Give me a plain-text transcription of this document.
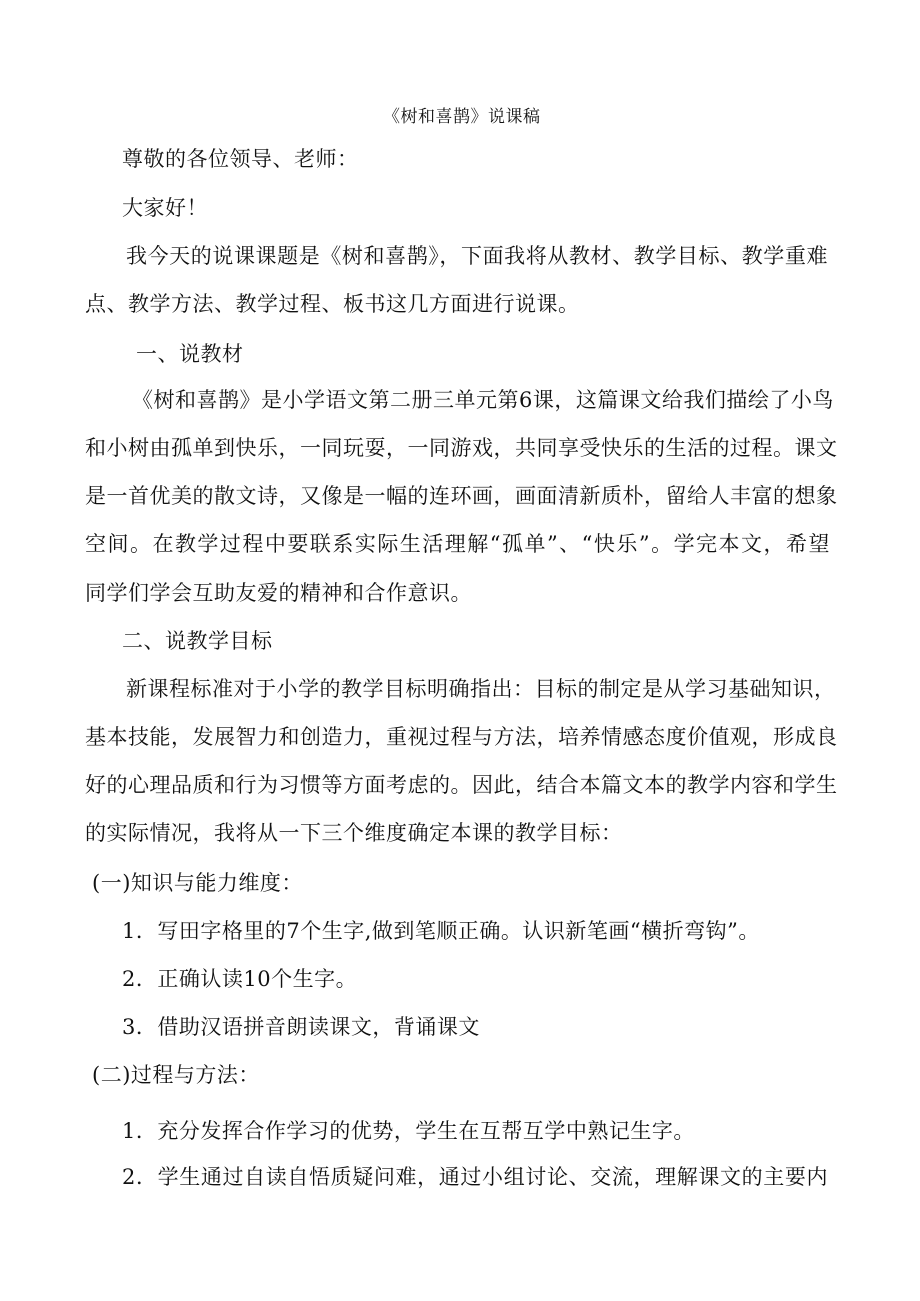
《树和喜鹊》说课稿
尊敬的各位领导、老师：
大家好！
我今天的说课课题是《树和喜鹊》，下面我将从教材、教学目标、教学重难
点、教学方法、教学过程、板书这几方面进行说课。
一、说教材
《树和喜鹊》是小学语文第二册三单元第6课，这篇课文给我们描绘了小鸟
和小树由孤单到快乐，一同玩耍，一同游戏，共同享受快乐的生活的过程。课文
是一首优美的散文诗，又像是一幅的连环画，画面清新质朴，留给人丰富的想象
空间。在教学过程中要联系实际生活理解“孤单”、“快乐”。学完本文，希望
同学们学会互助友爱的精神和合作意识。
二、说教学目标
新课程标准对于小学的教学目标明确指出：目标的制定是从学习基础知识，
基本技能，发展智力和创造力，重视过程与方法，培养情感态度价值观，形成良
好的心理品质和行为习惯等方面考虑的。因此，结合本篇文本的教学内容和学生
的实际情况，我将从一下三个维度确定本课的教学目标：
(一)知识与能力维度：
1．写田字格里的7个生字,做到笔顺正确。认识新笔画“横折弯钩”。
2．正确认读10个生字。
3．借助汉语拼音朗读课文，背诵课文
(二)过程与方法：
1．充分发挥合作学习的优势，学生在互帮互学中熟记生字。
2．学生通过自读自悟质疑问难，通过小组讨论、交流，理解课文的主要内
